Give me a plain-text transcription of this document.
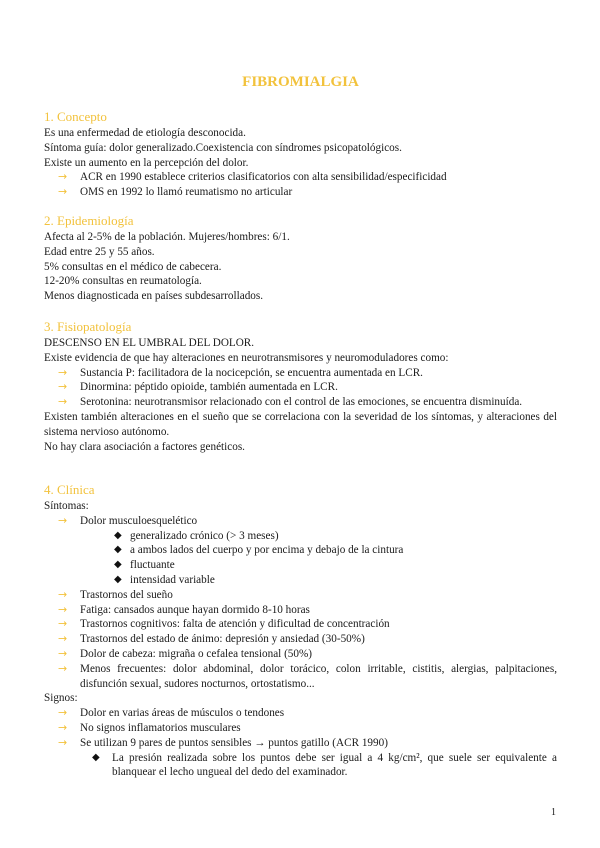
FIBROMIALGIA
1. Concepto
Es una enfermedad de etiología desconocida.
Síntoma guía: dolor generalizado.Coexistencia con síndromes psicopatológicos.
Existe un aumento en la percepción del dolor.
→ ACR en 1990 establece criterios clasificatorios con alta sensibilidad/especificidad
→ OMS en 1992 lo llamó reumatismo no articular
2. Epidemiología
Afecta al 2-5% de la población. Mujeres/hombres: 6/1.
Edad entre 25 y 55 años.
5% consultas en el médico de cabecera.
12-20% consultas en reumatología.
Menos diagnosticada en países subdesarrollados.
3. Fisiopatología
DESCENSO EN EL UMBRAL DEL DOLOR.
Existe evidencia de que hay alteraciones en neurotransmisores y neuromoduladores como:
→ Sustancia P: facilitadora de la nocicepción, se encuentra aumentada en LCR.
→ Dinormina: péptido opioide, también aumentada en LCR.
→ Serotonina: neurotransmisor relacionado con el control de las emociones, se encuentra disminuída.
Existen también alteraciones en el sueño que se correlaciona con la severidad de los síntomas, y alteraciones del sistema nervioso autónomo.
No hay clara asociación a factores genéticos.
4. Clínica
Síntomas:
→ Dolor musculoesquelético
◆ generalizado crónico (> 3 meses)
◆ a ambos lados del cuerpo y por encima y debajo de la cintura
◆ fluctuante
◆ intensidad variable
→ Trastornos del sueño
→ Fatiga: cansados aunque hayan dormido 8-10 horas
→ Trastornos cognitivos: falta de atención y dificultad de concentración
→ Trastornos del estado de ánimo: depresión y ansiedad (30-50%)
→ Dolor de cabeza: migraña o cefalea tensional (50%)
→ Menos frecuentes: dolor abdominal, dolor torácico, colon irritable, cistitis, alergias, palpitaciones, disfunción sexual, sudores nocturnos, ortostatismo...
Signos:
→ Dolor en varias áreas de músculos o tendones
→ No signos inflamatorios musculares
→ Se utilizan 9 pares de puntos sensibles → puntos gatillo (ACR 1990)
◆ La presión realizada sobre los puntos debe ser igual a 4 kg/cm², que suele ser equivalente a blanquear el lecho ungueal del dedo del examinador.
1
